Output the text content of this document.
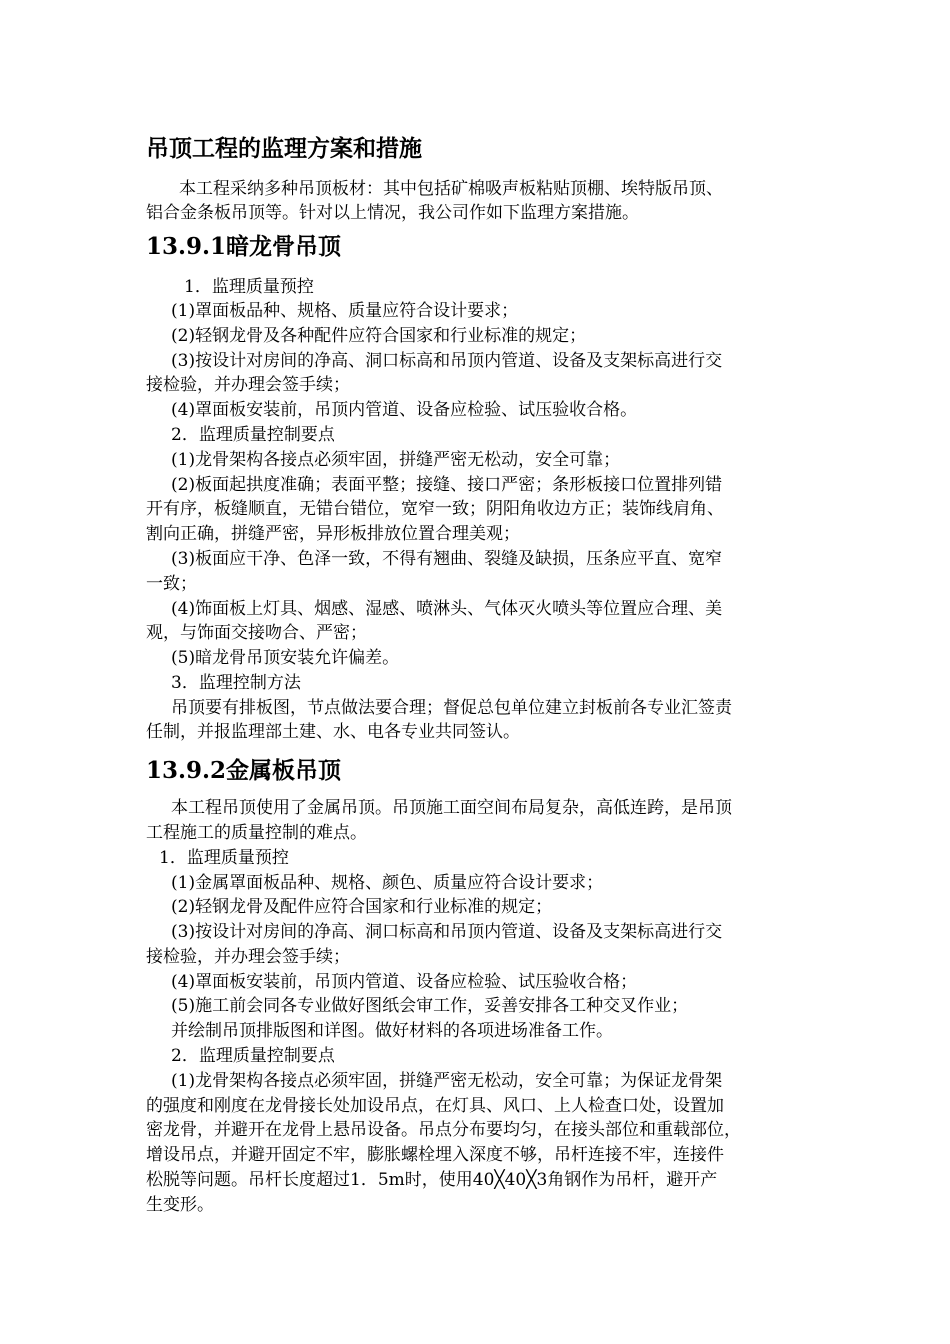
吊顶工程的监理方案和措施
本工程采纳多种吊顶板材：其中包括矿棉吸声板粘贴顶棚、埃特版吊顶、
铝合金条板吊顶等。针对以上情况，我公司作如下监理方案措施。
13.9.1暗龙骨吊顶
1．监理质量预控
(1)罩面板品种、规格、质量应符合设计要求；
(2)轻钢龙骨及各种配件应符合国家和行业标准的规定；
(3)按设计对房间的净高、洞口标高和吊顶内管道、设备及支架标高进行交
接检验，并办理会签手续；
(4)罩面板安装前，吊顶内管道、设备应检验、试压验收合格。
2．监理质量控制要点
(1)龙骨架构各接点必须牢固，拼缝严密无松动，安全可靠；
(2)板面起拱度准确；表面平整；接缝、接口严密；条形板接口位置排列错
开有序，板缝顺直，无错台错位，宽窄一致；阴阳角收边方正；装饰线肩角、
割向正确，拼缝严密，异形板排放位置合理美观；
(3)板面应干净、色泽一致，不得有翘曲、裂缝及缺损，压条应平直、宽窄
一致；
(4)饰面板上灯具、烟感、湿感、喷淋头、气体灭火喷头等位置应合理、美
观，与饰面交接吻合、严密；
(5)暗龙骨吊顶安装允许偏差。
3．监理控制方法
吊顶要有排板图，节点做法要合理；督促总包单位建立封板前各专业汇签责
任制，并报监理部土建、水、电各专业共同签认。
13.9.2金属板吊顶
本工程吊顶使用了金属吊顶。吊顶施工面空间布局复杂，高低连跨，是吊顶
工程施工的质量控制的难点。
1．监理质量预控
(1)金属罩面板品种、规格、颜色、质量应符合设计要求；
(2)轻钢龙骨及配件应符合国家和行业标准的规定；
(3)按设计对房间的净高、洞口标高和吊顶内管道、设备及支架标高进行交
接检验，并办理会签手续；
(4)罩面板安装前，吊顶内管道、设备应检验、试压验收合格；
(5)施工前会同各专业做好图纸会审工作，妥善安排各工种交叉作业；
并绘制吊顶排版图和详图。做好材料的各项进场准备工作。
2．监理质量控制要点
(1)龙骨架构各接点必须牢固，拼缝严密无松动，安全可靠；为保证龙骨架
的强度和刚度在龙骨接长处加设吊点，在灯具、风口、上人检查口处，设置加
密龙骨，并避开在龙骨上悬吊设备。吊点分布要均匀，在接头部位和重载部位，
增设吊点，并避开固定不牢，膨胀螺栓埋入深度不够，吊杆连接不牢，连接件
松脱等问题。吊杆长度超过1．5m时，使用40╳40╳3角钢作为吊杆，避开产
生变形。
